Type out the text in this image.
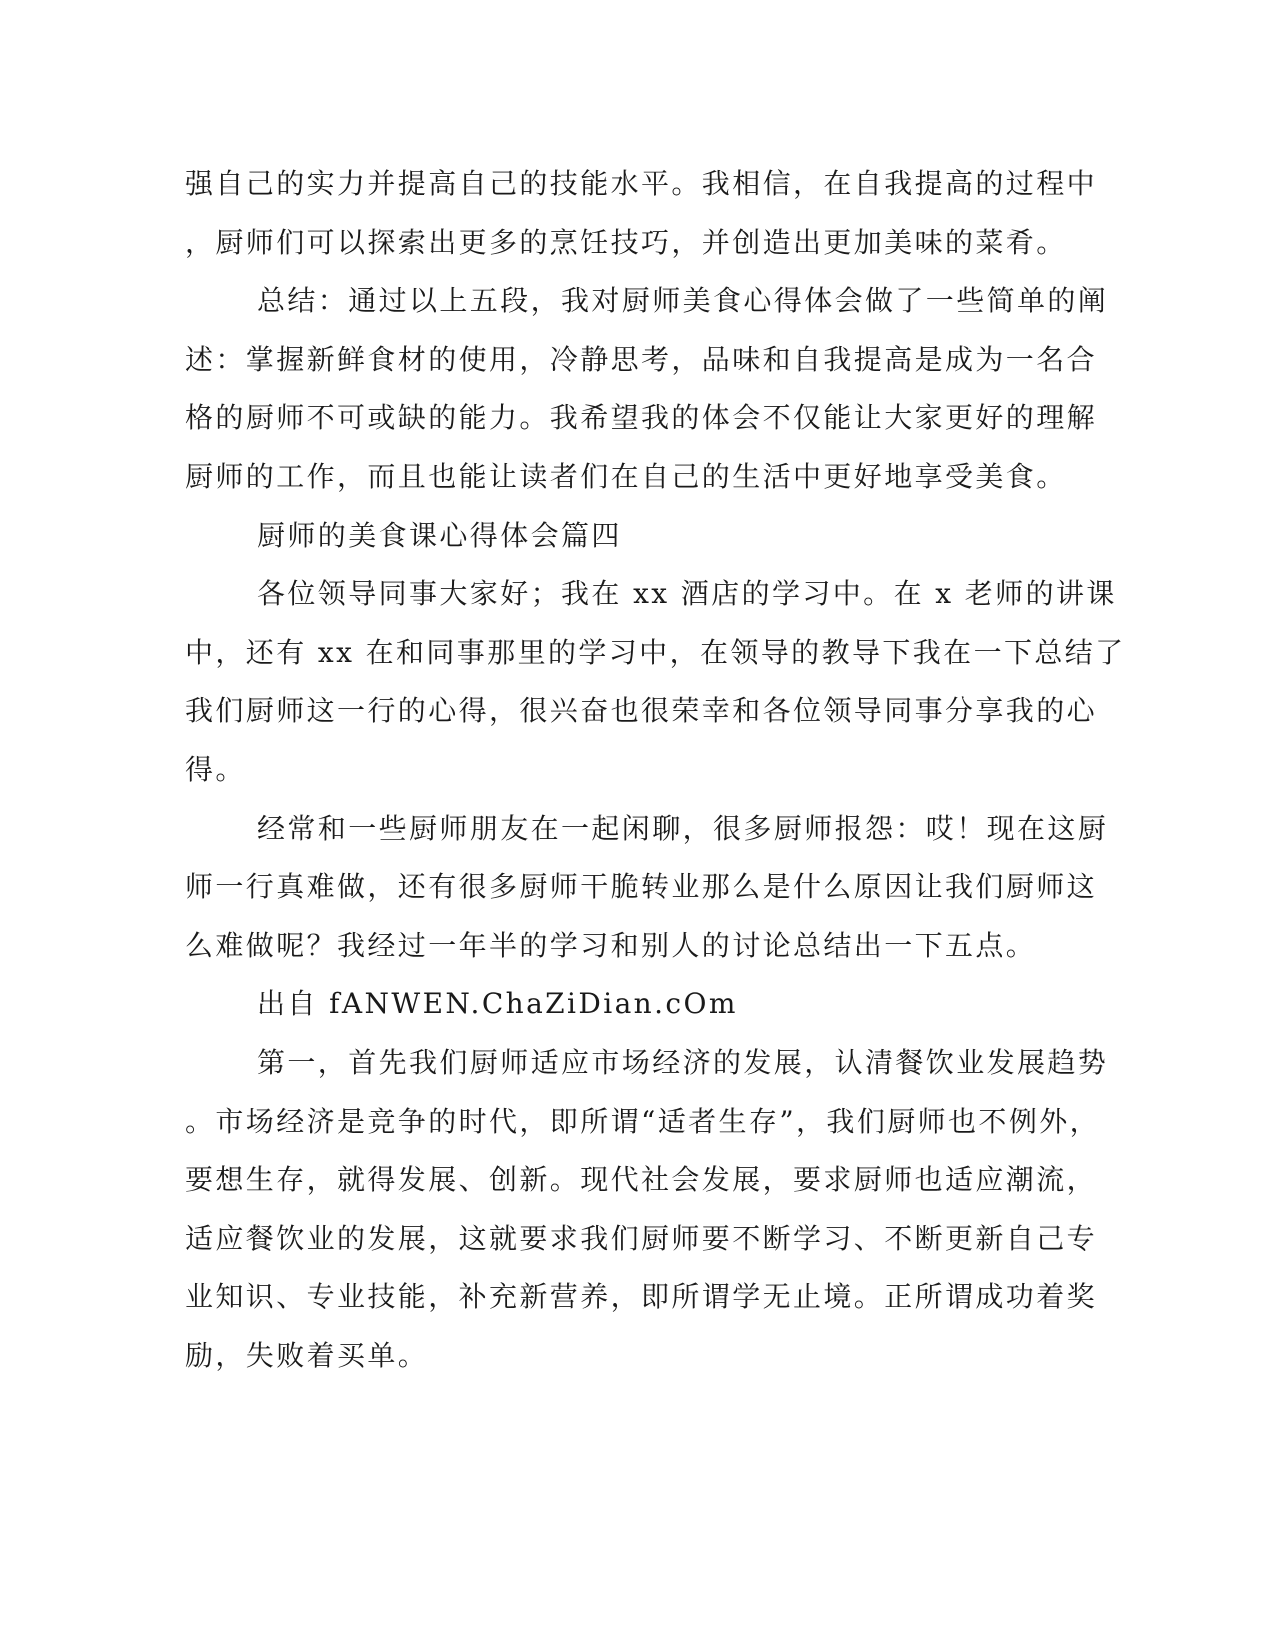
强自己的实力并提高自己的技能水平。我相信，在自我提高的过程中
，厨师们可以探索出更多的烹饪技巧，并创造出更加美味的菜肴。
总结：通过以上五段，我对厨师美食心得体会做了一些简单的阐
述：掌握新鲜食材的使用，冷静思考，品味和自我提高是成为一名合
格的厨师不可或缺的能力。我希望我的体会不仅能让大家更好的理解
厨师的工作，而且也能让读者们在自己的生活中更好地享受美食。
厨师的美食课心得体会篇四
各位领导同事大家好；我在 xx 酒店的学习中。在 x 老师的讲课
中，还有 xx 在和同事那里的学习中，在领导的教导下我在一下总结了
我们厨师这一行的心得，很兴奋也很荣幸和各位领导同事分享我的心
得。
经常和一些厨师朋友在一起闲聊，很多厨师报怨：哎！现在这厨
师一行真难做，还有很多厨师干脆转业那么是什么原因让我们厨师这
么难做呢？我经过一年半的学习和别人的讨论总结出一下五点。
出自 fANWEN.ChaZiDian.cOm
第一，首先我们厨师适应市场经济的发展，认清餐饮业发展趋势
。市场经济是竞争的时代，即所谓“适者生存”，我们厨师也不例外，
要想生存，就得发展、创新。现代社会发展，要求厨师也适应潮流，
适应餐饮业的发展，这就要求我们厨师要不断学习、不断更新自己专
业知识、专业技能，补充新营养，即所谓学无止境。正所谓成功着奖
励，失败着买单。
